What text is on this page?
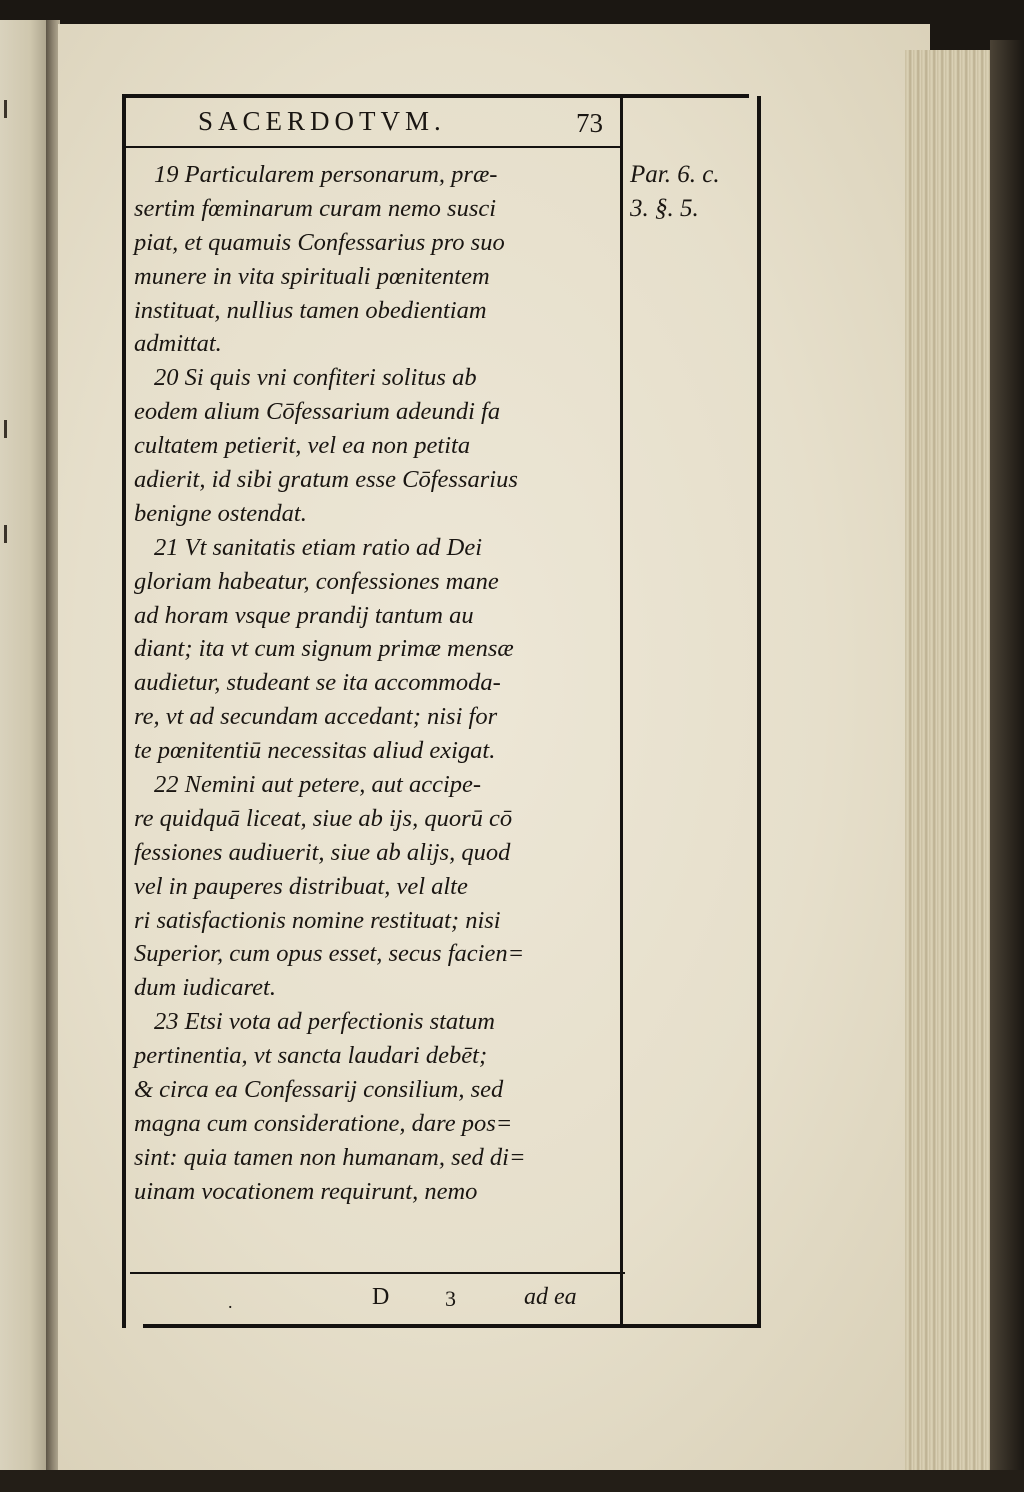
SACERDOTVM.	73
19 Particularem personarum, præ-
sertim fœminarum curam nemo susci
piat, et quamuis Confessarius pro suo
munere in vita spirituali pœnitentem
instituat, nullius tamen obedientiam
admittat.
20 Si quis vni confiteri solitus ab
eodem alium Cōfessarium adeundi fa
cultatem petierit, vel ea non petita
adierit, id sibi gratum esse Cōfessarius
benigne ostendat.
21 Vt sanitatis etiam ratio ad Dei
gloriam habeatur, confessiones mane
ad horam vsque prandij tantum au
diant; ita vt cum signum primæ mensæ
audietur, studeant se ita accommoda-
re, vt ad secundam accedant; nisi for
te pœnitentiū necessitas aliud exigat.
22 Nemini aut petere, aut accipe-
re quidquā liceat, siue ab ijs, quorū cō
fessiones audiuerit, siue ab alijs, quod
vel in pauperes distribuat, vel alte
ri satisfactionis nomine restituat; nisi
Superior, cum opus esset, secus facien=
dum iudicaret.
23 Etsi vota ad perfectionis statum
pertinentia, vt sancta laudari debēt;
& circa ea Confessarij consilium, sed
magna cum consideratione, dare pos=
sint: quia tamen non humanam, sed di=
uinam vocationem requirunt, nemo
Par. 6. c.
3. §. 5.
.	D	3	ad ea
